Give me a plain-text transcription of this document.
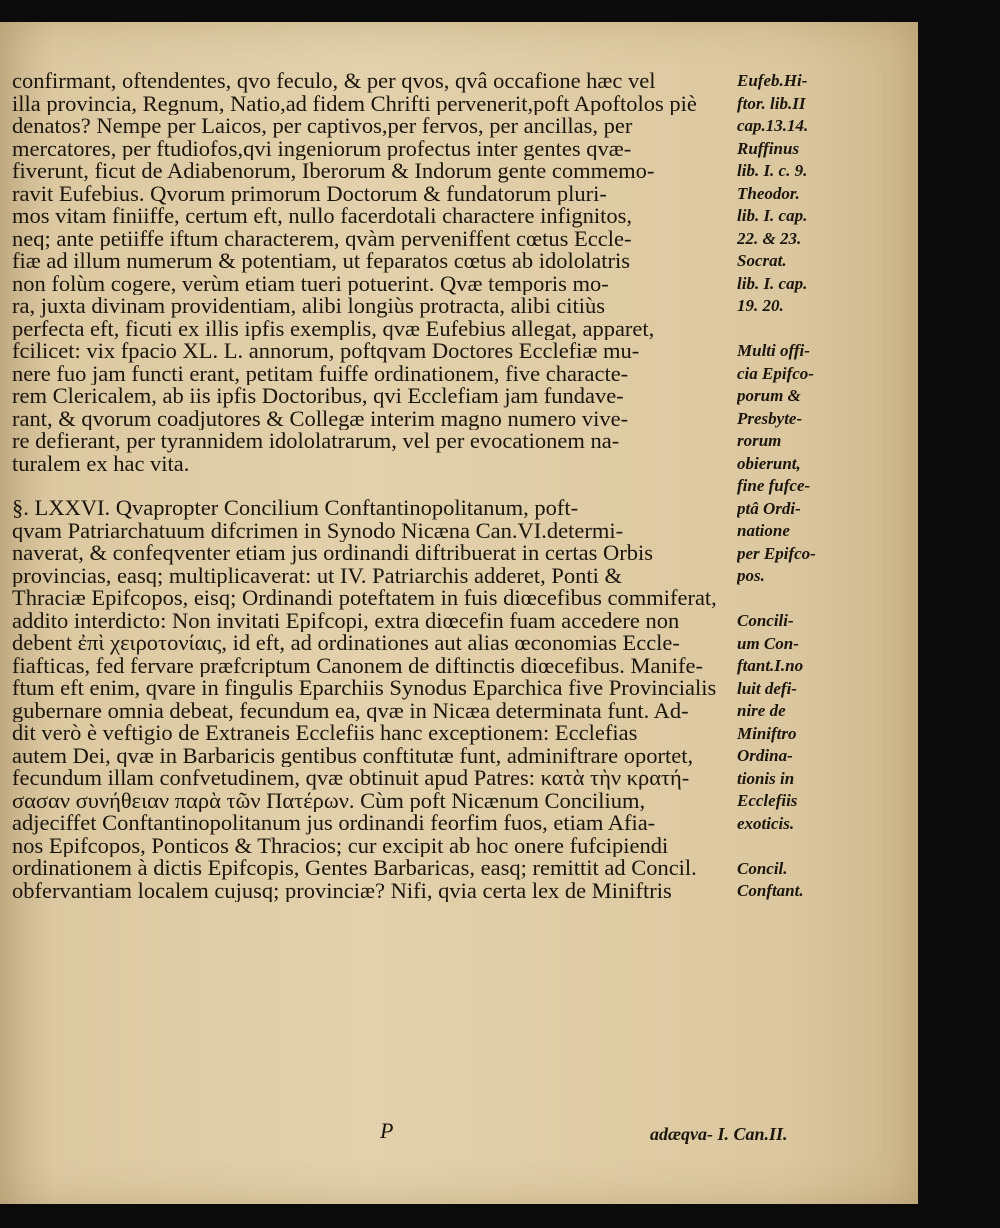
confirmant, oftendentes, qvo feculo, & per qvos, qvâ occafione hæc vel
illa provincia, Regnum, Natio,ad fidem Chrifti pervenerit,poft Apoftolos piè
denatos? Nempe per Laicos, per captivos,per fervos, per ancillas, per
mercatores, per ftudiofos,qvi ingeniorum profectus inter gentes qvæ-
fiverunt, ficut de Adiabenorum, Iberorum & Indorum gente commemo-
ravit Eufebius. Qvorum primorum Doctorum & fundatorum pluri-
mos vitam finiiffe, certum eft, nullo facerdotali charactere infignitos,
neq; ante petiiffe iftum characterem, qvàm perveniffent cœtus Eccle-
fiæ ad illum numerum & potentiam, ut feparatos cœtus ab idololatris
non folùm cogere, verùm etiam tueri potuerint. Qvæ temporis mo-
ra, juxta divinam providentiam, alibi longiùs protracta, alibi citiùs
perfecta eft, ficuti ex illis ipfis exemplis, qvæ Eufebius allegat, apparet,
fcilicet: vix fpacio XL. L. annorum, poftqvam Doctores Ecclefiæ mu-
nere fuo jam functi erant, petitam fuiffe ordinationem, five characte-
rem Clericalem, ab iis ipfis Doctoribus, qvi Ecclefiam jam fundave-
rant, & qvorum coadjutores & Collegæ interim magno numero vive-
re defierant, per tyrannidem idololatrarum, vel per evocationem na-
turalem ex hac vita.
§. LXXVI. Qvapropter Concilium Conftantinopolitanum, poft-
qvam Patriarchatuum difcrimen in Synodo Nicæna Can.VI.determi-
naverat, & confeqventer etiam jus ordinandi diftribuerat in certas Orbis
provincias, easq; multiplicaverat: ut IV. Patriarchis adderet, Ponti &
Thraciæ Epifcopos, eisq; Ordinandi poteftatem in fuis diœcefibus commiferat,
addito interdicto: Non invitati Epifcopi, extra diœcefin fuam accedere non
debent ἐπὶ χειροτονίαις, id eft, ad ordinationes aut alias œconomias Eccle-
fiafticas, fed fervare præfcriptum Canonem de diftinctis diœcefibus. Manife-
ftum eft enim, qvare in fingulis Eparchiis Synodus Eparchica five Provincialis
gubernare omnia debeat, fecundum ea, qvæ in Nicæa determinata funt. Ad-
dit verò è veftigio de Extraneis Ecclefiis hanc exceptionem: Ecclefias
autem Dei, qvæ in Barbaricis gentibus conftitutæ funt, adminiftrare oportet,
fecundum illam confvetudinem, qvæ obtinuit apud Patres: κατὰ τὴν κρατή-
σασαν συνήθειαν παρὰ τῶν Πατέρων. Cùm poft Nicænum Concilium,
adjeciffet Conftantinopolitanum jus ordinandi feorfim fuos, etiam Afia-
nos Epifcopos, Ponticos & Thracios; cur excipit ab hoc onere fufcipiendi
ordinationem à dictis Epifcopis, Gentes Barbaricas, easq; remittit ad Concil.
obfervantiam localem cujusq; provinciæ? Nifi, qvia certa lex de Miniftris
Eufeb.Hi-
ftor. lib.II
cap.13.14.
Ruffinus
lib. I. c. 9.
Theodor.
lib. I. cap.
22. & 23.
Socrat.
lib. I. cap.
19. 20.
Multi offi-
cia Epifco-
porum &
Presbyte-
rorum
obierunt,
fine fufce-
ptâ Ordi-
natione
per Epifco-
pos.
Concili-
um Con-
ftant.I.no
luit defi-
nire de
Miniftro
Ordina-
tionis in
Ecclefiis
exoticis.
Concil.
Conftant.
P	adæqva- I. Can.II.
